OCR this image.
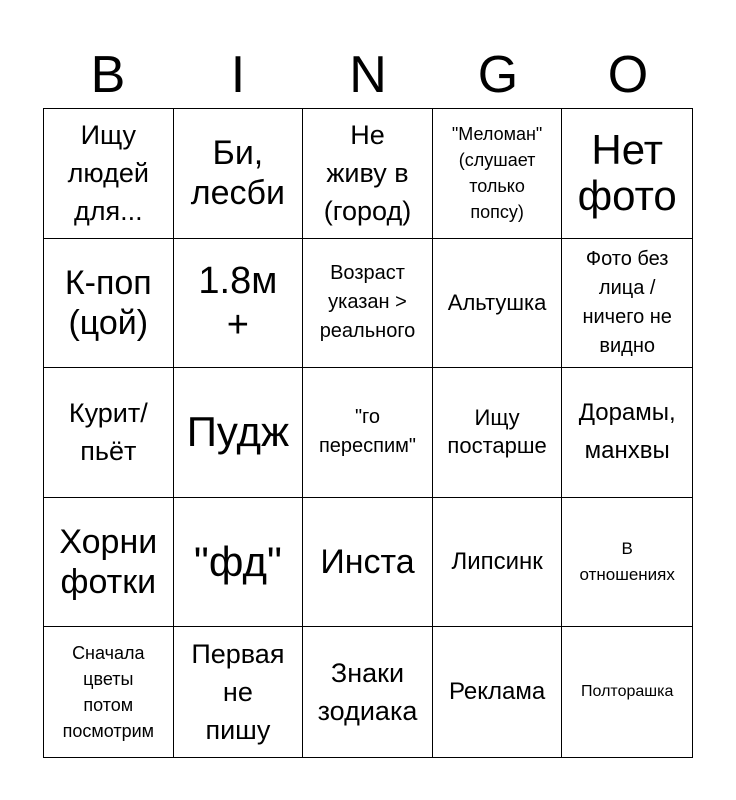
B	I	N	G	O
Ищу
людей
для...
Би,
лесби
Не
живу в
(город)
"Меломан"
(слушает
только
попсу)
Нет
фото
К-поп
(цой)
1.8м
+
Возраст
указан >
реального
Альтушка
Фото без
лица /
ничего не
видно
Курит/
пьёт Пудж	"го
переспим"
Ищу
постарше
Дорамы,
манхвы
Хорни
фотки "фд" Инста Липсинк	В
отношениях
Сначала
цветы
потом
посмотрим
Первая
не
пишу
Знаки
зодиака
Реклама Полторашка
